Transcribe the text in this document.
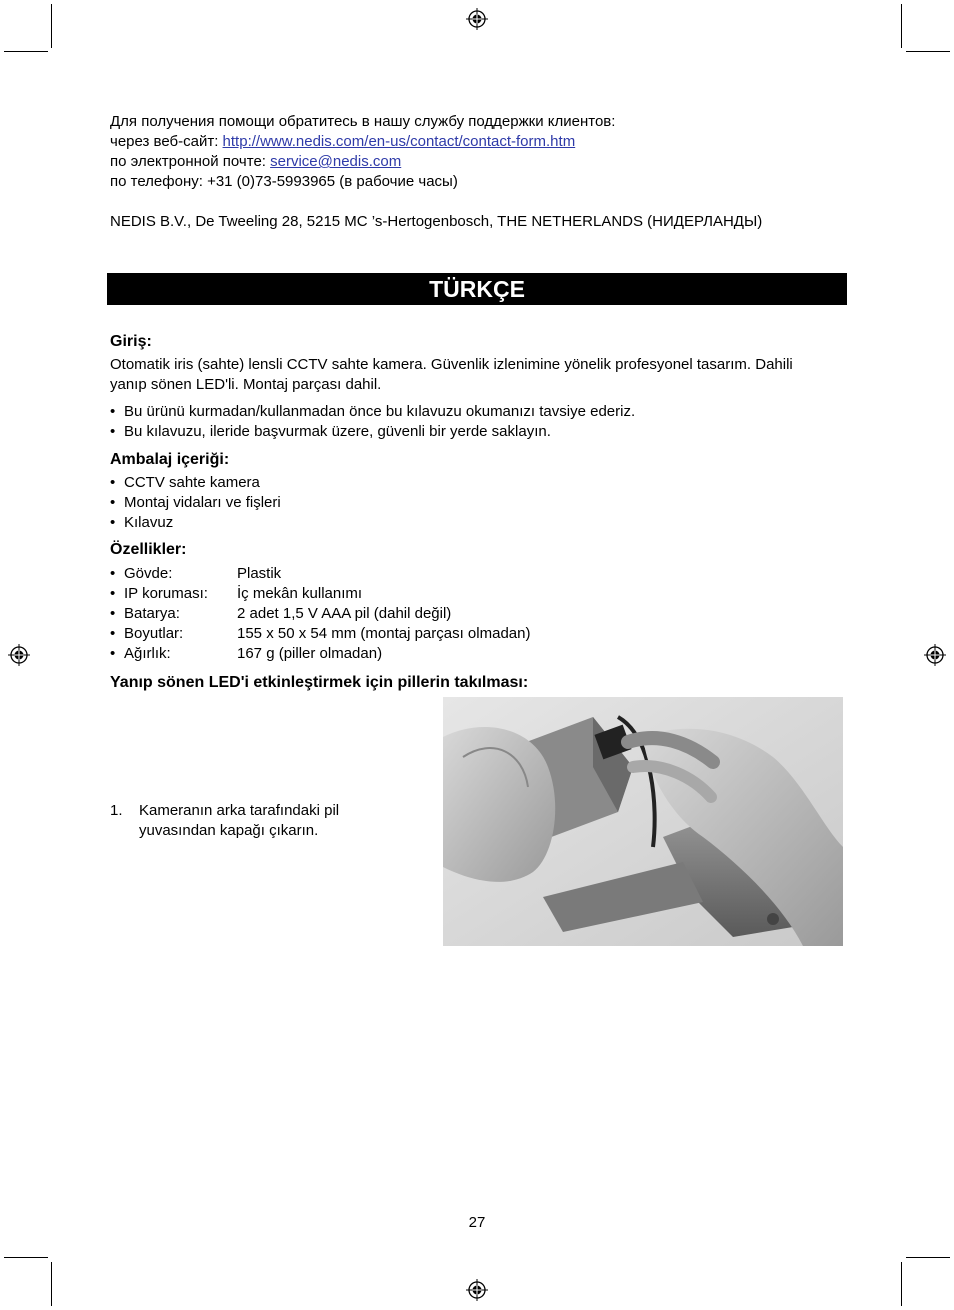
Для получения помощи обратитесь в нашу службу поддержки клиентов:
через веб-сайт: http://www.nedis.com/en-us/contact/contact-form.htm
по электронной почте: service@nedis.com
по телефону: +31 (0)73-5993965 (в рабочие часы)
NEDIS B.V., De Tweeling 28, 5215 MC ’s-Hertogenbosch, THE NETHERLANDS (НИДЕРЛАНДЫ)
TÜRKÇE
Giriş:
Otomatik iris (sahte) lensli CCTV sahte kamera. Güvenlik izlenimine yönelik profesyonel tasarım. Dahili
yanıp sönen LED'li. Montaj parçası dahil.
• Bu ürünü kurmadan/kullanmadan önce bu kılavuzu okumanızı tavsiye ederiz.
• Bu kılavuzu, ileride başvurmak üzere, güvenli bir yerde saklayın.
Ambalaj içeriği:
• CCTV sahte kamera
• Montaj vidaları ve fişleri
• Kılavuz
Özellikler:
• Gövde:	Plastik
• IP koruması: İç mekân kullanımı
• Batarya:	2 adet 1,5 V AAA pil (dahil değil)
• Boyutlar:	155 x 50 x 54 mm (montaj parçası olmadan)
• Ağırlık:	167 g (piller olmadan)
Yanıp sönen LED'i etkinleştirmek için pillerin takılması:
1. Kameranın arka tarafındaki pil
yuvasından kapağı çıkarın.
27
